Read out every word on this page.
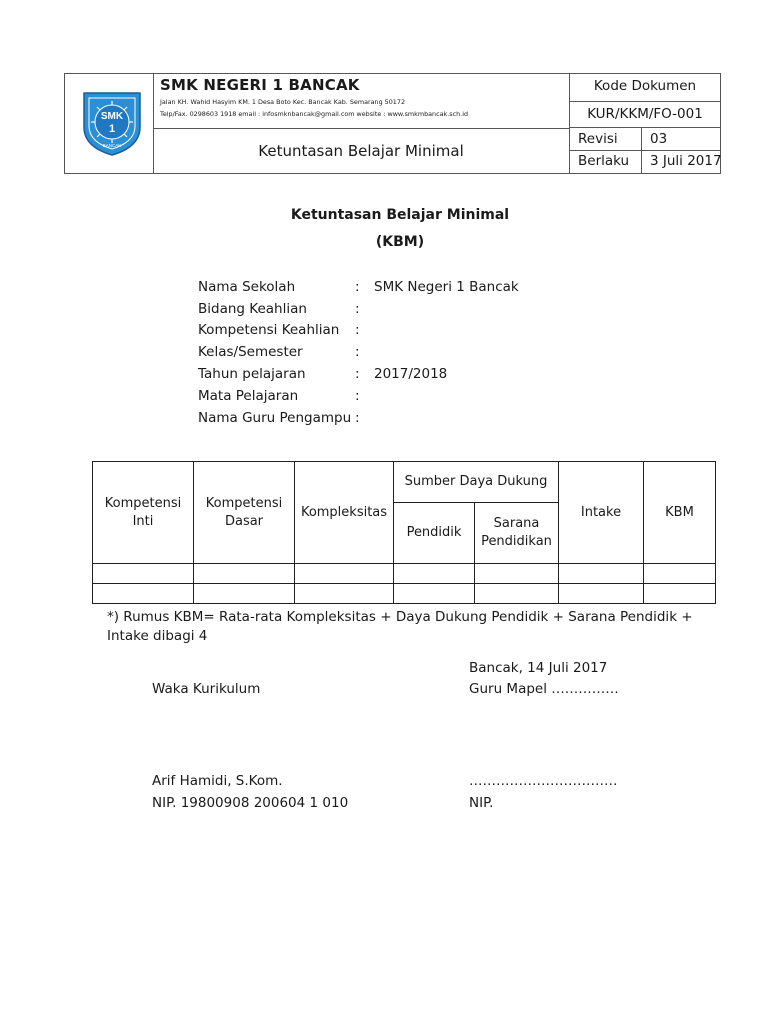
SMK
1
BANCAK
SMK NEGERI 1 BANCAK
Jalan KH. Wahid Hasyim KM. 1 Desa Boto Kec. Bancak Kab. Semarang 50172
Telp/Fax. 0298603 1918 email : infosmknbancak@gmail.com website : www.smkmbancak.sch.id
Ketuntasan Belajar Minimal
Kode Dokumen
KUR/KKM/FO-001
Revisi 03
Berlaku 3 Juli 2017
Ketuntasan Belajar Minimal
(KBM)
Nama Sekolah	: SMK Negeri 1 Bancak
Bidang Keahlian	:
Kompetensi Keahlian :
Kelas/Semester	:
Tahun pelajaran	: 2017/2018
Mata Pelajaran	:
Nama Guru Pengampu :
Kompetensi Inti	Kompetensi Dasar	Kompleksitas	Sumber Daya Dukung		Intake	KBM
			Pendidik	Sarana Pendidikan		

*) Rumus KBM= Rata-rata Kompleksitas + Daya Dukung Pendidik + Sarana Pendidik + Intake dibagi 4
Bancak, 14 Juli 2017
Waka Kurikulum	Guru Mapel ……………
Arif Hamidi, S.Kom.	……………………………
NIP. 19800908 200604 1 010	NIP.
